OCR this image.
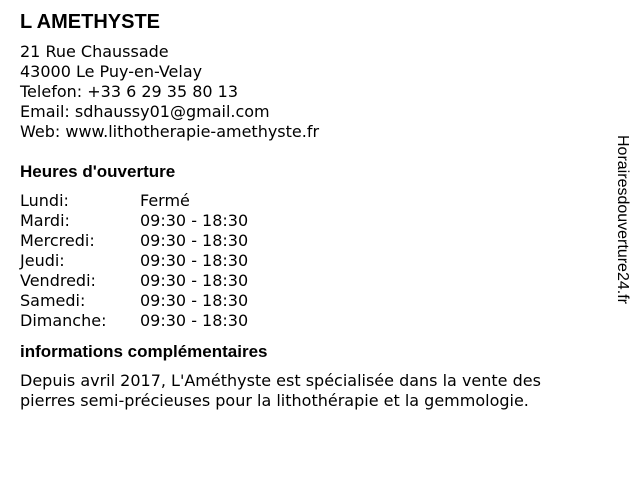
L AMETHYSTE
21 Rue Chaussade
43000 Le Puy-en-Velay
Telefon: +33 6 29 35 80 13
Email: sdhaussy01@gmail.com
Web: www.lithotherapie-amethyste.fr
Heures d'ouverture
Lundi:	Fermé
Mardi:	09:30 - 18:30
Mercredi:	09:30 - 18:30
Jeudi:	09:30 - 18:30
Vendredi:	09:30 - 18:30
Samedi:	09:30 - 18:30
Dimanche:	09:30 - 18:30
informations complémentaires
Depuis avril 2017, L'Améthyste est spécialisée dans la vente des pierres semi-précieuses pour la lithothérapie et la gemmologie.
Horairesdouverture24.fr
